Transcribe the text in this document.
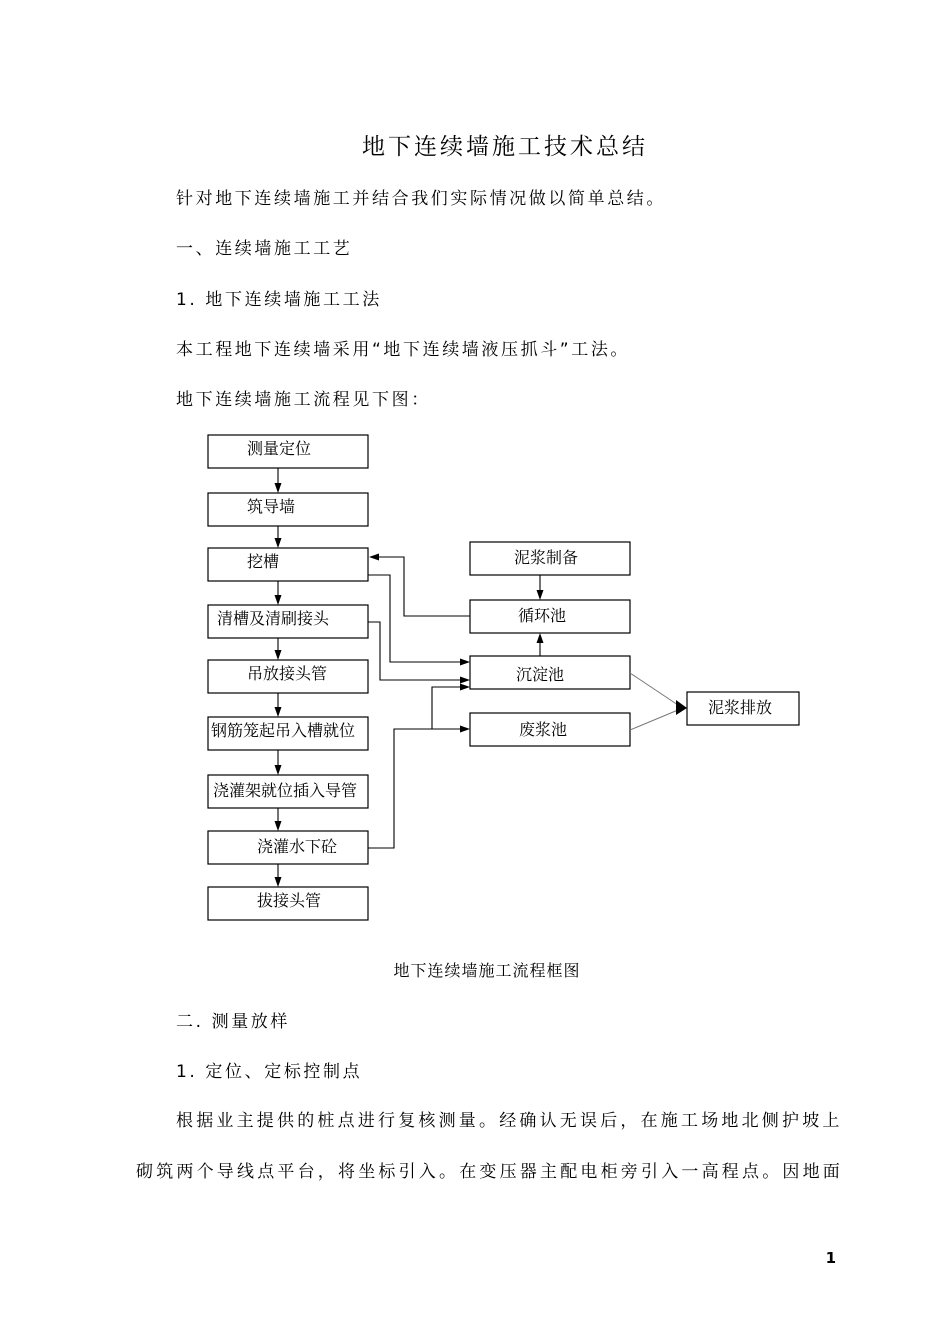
地下连续墙施工技术总结
针对地下连续墙施工并结合我们实际情况做以简单总结。
一、连续墙施工工艺
1. 地下连续墙施工工法
本工程地下连续墙采用“地下连续墙液压抓斗”工法。
地下连续墙施工流程见下图：
测量定位
筑导墙
挖槽
清槽及清刷接头
吊放接头管
钢筋笼起吊入槽就位
浇灌架就位插入导管
浇灌水下砼
拔接头管
泥浆制备
循环池
沉淀池
废浆池
泥浆排放
地下连续墙施工流程框图
二. 测量放样
1. 定位、定标控制点
根据业主提供的桩点进行复核测量。经确认无误后，在施工场地北侧护坡上
砌筑两个导线点平台，将坐标引入。在变压器主配电柜旁引入一高程点。因地面
1
